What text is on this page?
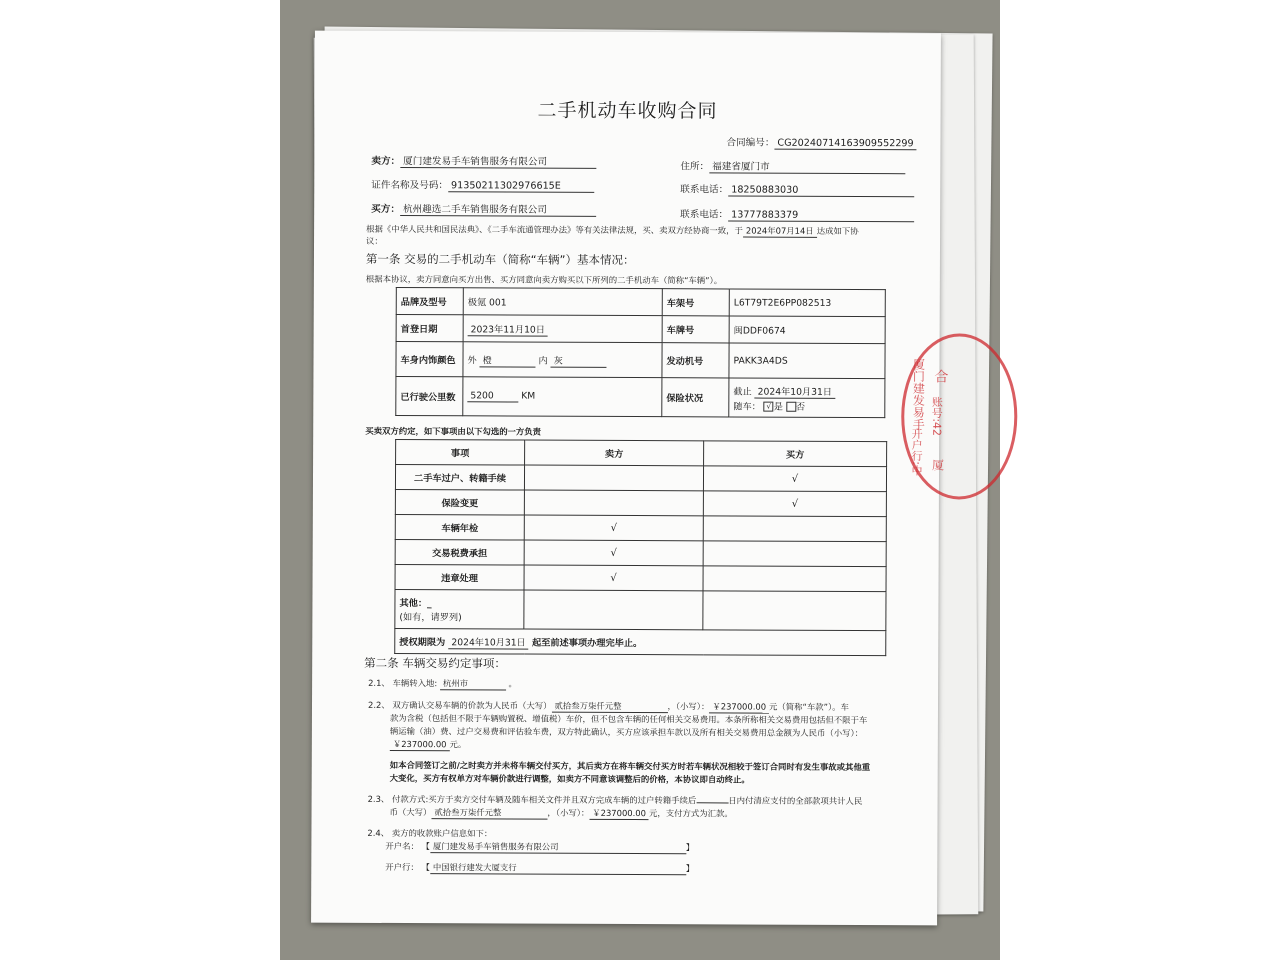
二手机动车收购合同
合同编号： CG20240714163909552299
卖方： 厦门建发易手车销售服务有限公司	住所： 福建省厦门市
证件名称及号码： 91350211302976615E	联系电话： 18250883030
买方： 杭州趣选二手车销售服务有限公司	联系电话： 13777883379
根据《中华人民共和国民法典》、《二手车流通管理办法》等有关法律法规，买、卖双方经协商一致，于 2024年07月14日 达成如下协
议：
第一条 交易的二手机动车（简称“车辆”）基本情况：
根据本协议，卖方同意向买方出售、买方同意向卖方购买以下所列的二手机动车（简称“车辆”）。
品牌及型号	极氪 001	车架号	L6T79T2E6PP082513
首登日期	2023年11月10日	车牌号	闽DDF0674
车身内饰颜色	外 橙 内 灰	发动机号	PAKK3A4DS
已行驶公里数	5200 KM	保险状况	截止 2024年10月31日
随车： √ 是 否
买卖双方约定，如下事项由以下勾选的一方负责
事项	卖方	买方
二手车过户、转籍手续		√
保险变更		√
车辆年检	√	
交易税费承担	√	
违章处理	√	

其他：_
(如有，请罗列)		

授权期限为 2024年10月31日 起至前述事项办理完毕止。		
第二条 车辆交易约定事项：
2.1、 车辆转入地: 杭州市	。
2.2、 双方确认交易车辆的价款为人民币（大写） 贰拾叁万柒仟元整	，（小写）： ￥237000.00 元（简称“车款”）。车
款为含税（包括但不限于车辆购置税、增值税）车价，但不包含车辆的任何相关交易费用。本条所称相关交易费用包括但不限于车
辆运输（油）费、过户交易费和评估验车费，双方特此确认，买方应该承担车款以及所有相关交易费用总金额为人民币（小写）：
￥237000.00 元。
如本合同签订之前/之时卖方并未将车辆交付买方，其后卖方在将车辆交付买方时若车辆状况相较于签订合同时有发生事故或其他重
大变化，买方有权单方对车辆价款进行调整，如卖方不同意该调整后的价格，本协议即自动终止。
2.3、 付款方式:买方于卖方交付车辆及随车相关文件并且双方完成车辆的过户转籍手续后	日内付清应支付的全部款项共计人民
币（大写） 贰拾叁万柒仟元整	，（小写）： ￥237000.00 元，支付方式为汇款。
2.4、 卖方的收款账户信息如下：
开户名： 【 厦门建发易手车销售服务有限公司	】
开户行： 【 中国银行建发大厦支行	】
厦门建发易手 合
账号:42
开户行:中 厦
